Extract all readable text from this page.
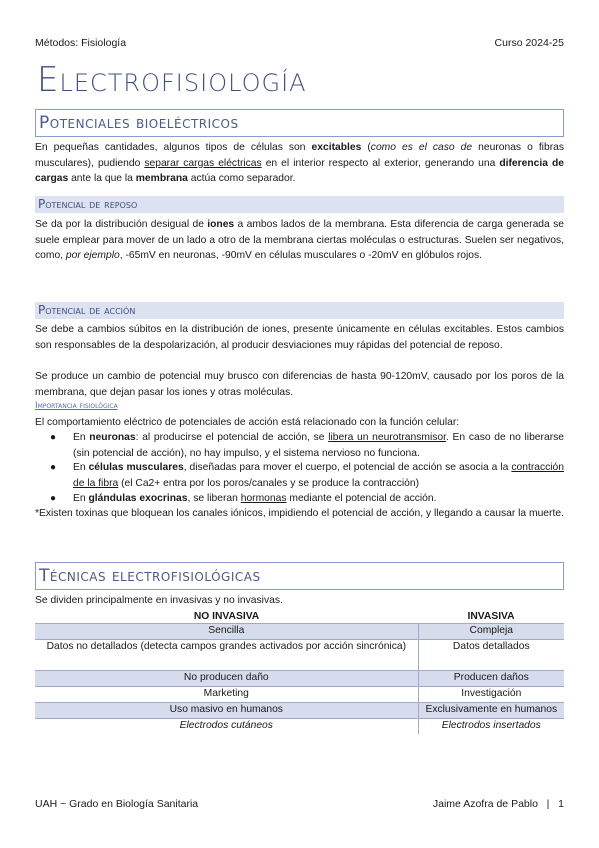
Métodos: Fisiología	Curso 2024-25
Electrofisiología
Potenciales bioeléctricos
En pequeñas cantidades, algunos tipos de células son excitables (como es el caso de neuronas o fibras musculares), pudiendo separar cargas eléctricas en el interior respecto al exterior, generando una diferencia de cargas ante la que la membrana actúa como separador.
Potencial de reposo
Se da por la distribución desigual de iones a ambos lados de la membrana. Esta diferencia de carga generada se suele emplear para mover de un lado a otro de la membrana ciertas moléculas o estructuras. Suelen ser negativos, como, por ejemplo, -65mV en neuronas, -90mV en células musculares o -20mV en glóbulos rojos.
Potencial de acción
Se debe a cambios súbitos en la distribución de iones, presente únicamente en células excitables. Estos cambios son responsables de la despolarización, al producir desviaciones muy rápidas del potencial de reposo.
Se produce un cambio de potencial muy brusco con diferencias de hasta 90-120mV, causado por los poros de la membrana, que dejan pasar los iones y otras moléculas.
Importancia fisiológica
El comportamiento eléctrico de potenciales de acción está relacionado con la función celular:
● En neuronas: al producirse el potencial de acción, se libera un neurotransmisor. En caso de no liberarse (sin potencial de acción), no hay impulso, y el sistema nervioso no funciona.
● En células musculares, diseñadas para mover el cuerpo, el potencial de acción se asocia a la contracción de la fibra (el Ca2+ entra por los poros/canales y se produce la contracción)
● En glándulas exocrinas, se liberan hormonas mediante el potencial de acción.
*Existen toxinas que bloquean los canales iónicos, impidiendo el potencial de acción, y llegando a causar la muerte.
Técnicas electrofisiológicas
Se dividen principalmente en invasivas y no invasivas.
NO INVASIVA	INVASIVA
Sencilla	Compleja
Datos no detallados (detecta campos grandes activados por acción sincrónica)	Datos detallados
No producen daño	Producen daños
Marketing	Investigación
Uso masivo en humanos	Exclusivamente en humanos
Electrodos cutáneos	Electrodos insertados
UAH ~ Grado en Biología Sanitaria	Jaime Azofra de Pablo   |   1
